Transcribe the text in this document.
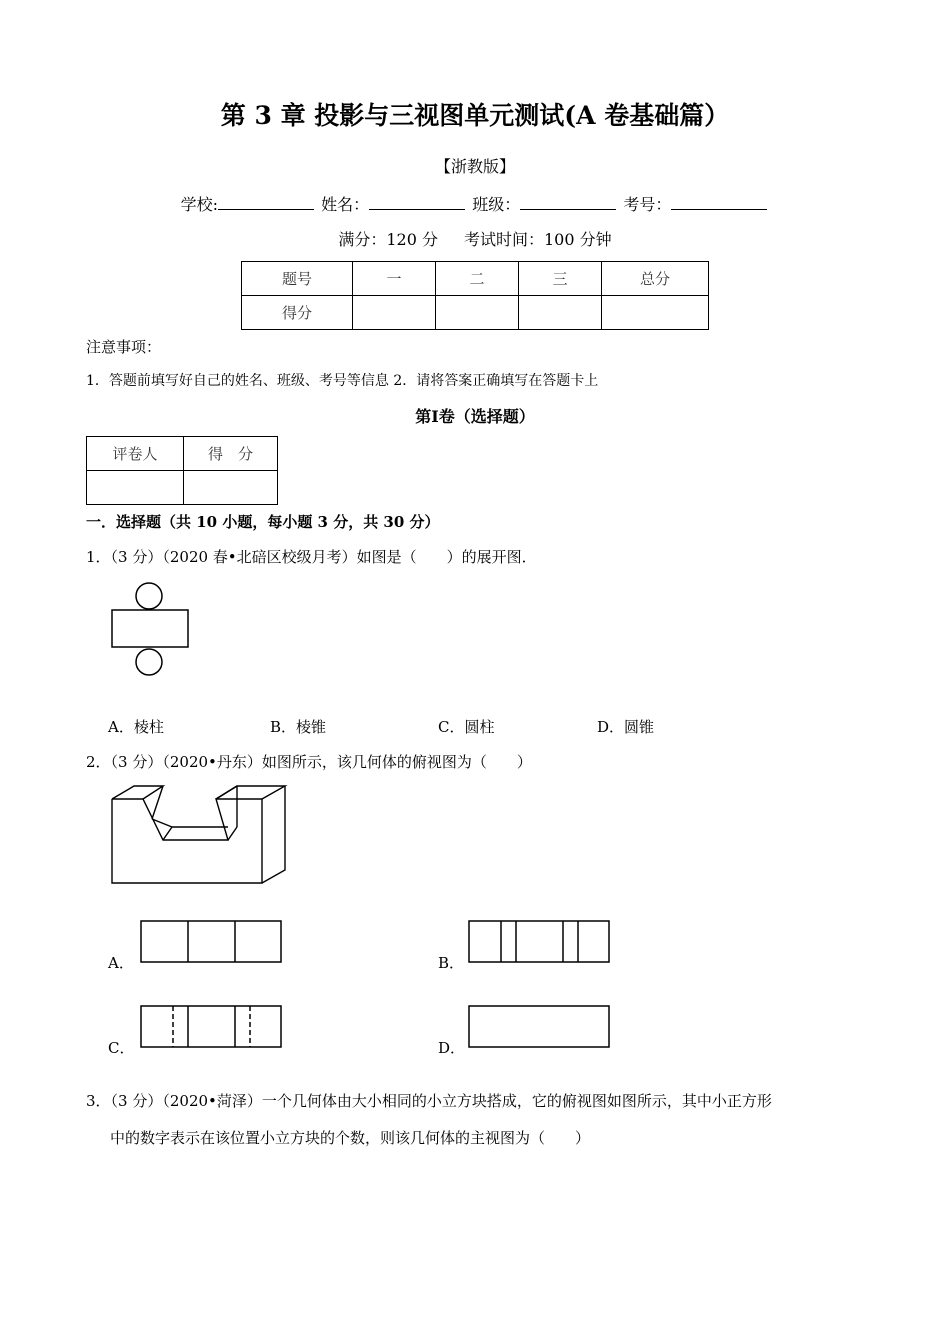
第 3 章 投影与三视图单元测试(A 卷基础篇）
【浙教版】
学校:	姓名：	班级：	考号：
满分：120 分 考试时间：100 分钟
题号	一	二	三	总分
得分				
注意事项：
1．答题前填写好自己的姓名、班级、考号等信息 2．请将答案正确填写在答题卡上
第Ⅰ卷（选择题）
评卷人	得　分

一．选择题（共 10 小题，每小题 3 分，共 30 分）
1．（3 分）（2020 春•北碚区校级月考）如图是（　　）的展开图．
A．棱柱	B．棱锥	C．圆柱	D．圆锥
2．（3 分）（2020•丹东）如图所示，该几何体的俯视图为（　　）
A．	B．
C．	D．
3．（3 分）（2020•菏泽）一个几何体由大小相同的小立方块搭成，它的俯视图如图所示，其中小正方形
中的数字表示在该位置小立方块的个数，则该几何体的主视图为（　　）
